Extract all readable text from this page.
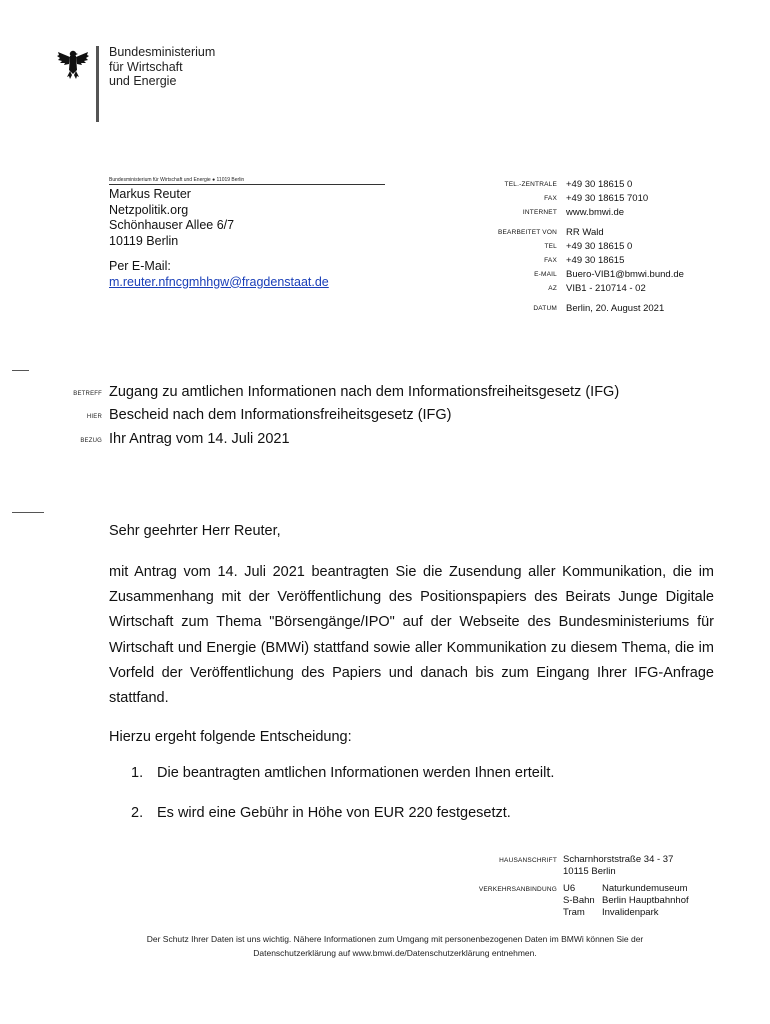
Bundesministerium
für Wirtschaft
und Energie
Bundesministerium für Wirtschaft und Energie ● 11019 Berlin
Markus Reuter
Netzpolitik.org
Schönhauser Allee 6/7
10119 Berlin
Per E-Mail:
m.reuter.nfncgmhhgw@fragdenstaat.de
TEL.-ZENTRALE
FAX
INTERNET
BEARBEITET VON
TEL
FAX
E-MAIL
AZ
DATUM
+49 30 18615 0
+49 30 18615 7010
www.bmwi.de
RR Wald
+49 30 18615 0
+49 30 18615
Buero-VIB1@bmwi.bund.de
VIB1 - 210714 - 02
Berlin, 20. August 2021
BETREFF Zugang zu amtlichen Informationen nach dem Informationsfreiheitsgesetz (IFG)
HIER Bescheid nach dem Informationsfreiheitsgesetz (IFG)
BEZUG Ihr Antrag vom 14. Juli 2021
Sehr geehrter Herr Reuter,
mit Antrag vom 14. Juli 2021 beantragten Sie die Zusendung aller Kommunikation, die im Zusammenhang mit der Veröffentlichung des Positionspapiers des Beirats Junge Digitale Wirtschaft zum Thema "Börsengänge/IPO" auf der Webseite des Bundesministeriums für Wirtschaft und Energie (BMWi) stattfand sowie aller Kommunikation zu diesem Thema, die im Vorfeld der Veröffentlichung des Papiers und danach bis zum Eingang Ihrer IFG-Anfrage stattfand.
Hierzu ergeht folgende Entscheidung:
1. Die beantragten amtlichen Informationen werden Ihnen erteilt.
2. Es wird eine Gebühr in Höhe von EUR 220 festgesetzt.
HAUSANSCHRIFT Scharnhorststraße 34 - 37
10115 Berlin
VERKEHRSANBINDUNG U6
S-Bahn
Tram
Naturkundemuseum
Berlin Hauptbahnhof
Invalidenpark
Der Schutz Ihrer Daten ist uns wichtig. Nähere Informationen zum Umgang mit personenbezogenen Daten im BMWi können Sie der
Datenschutzerklärung auf www.bmwi.de/Datenschutzerklärung entnehmen.
